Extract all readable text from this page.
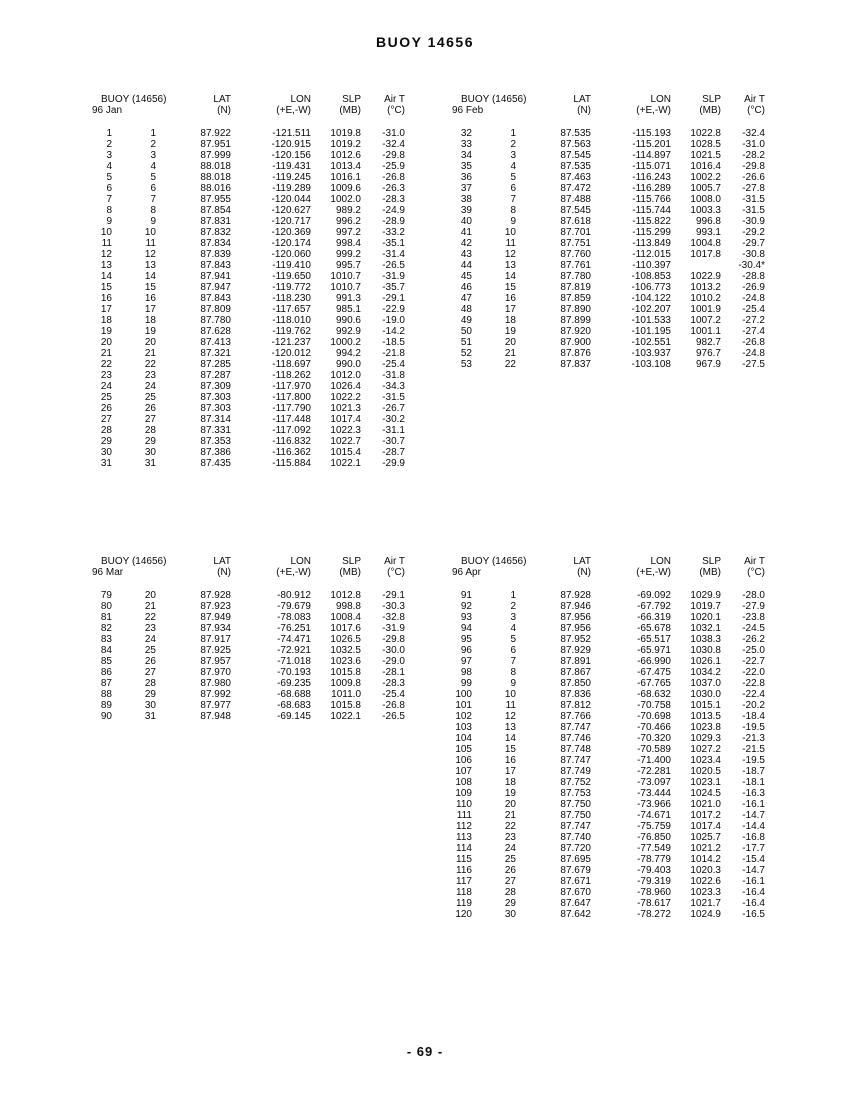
BUOY 14656
BUOY (14656)		LAT	LON	SLP	Air T
96 Jan		(N)	(+E,-W)	(MB)	(°C)
1	1	87.922	-121.511	1019.8	-31.0
2	2	87.951	-120.915	1019.2	-32.4
3	3	87.999	-120.156	1012.6	-29.8
4	4	88.018	-119.431	1013.4	-25.9
5	5	88.018	-119.245	1016.1	-26.8
6	6	88.016	-119.289	1009.6	-26.3
7	7	87.955	-120.044	1002.0	-28.3
8	8	87.854	-120.627	989.2	-24.9
9	9	87.831	-120.717	996.2	-28.9
10	10	87.832	-120.369	997.2	-33.2
11	11	87.834	-120.174	998.4	-35.1
12	12	87.839	-120.060	999.2	-31.4
13	13	87.843	-119.410	995.7	-26.5
14	14	87.941	-119.650	1010.7	-31.9
15	15	87.947	-119.772	1010.7	-35.7
16	16	87.843	-118.230	991.3	-29.1
17	17	87.809	-117.657	985.1	-22.9
18	18	87.780	-118.010	990.6	-19.0
19	19	87.628	-119.762	992.9	-14.2
20	20	87.413	-121.237	1000.2	-18.5
21	21	87.321	-120.012	994.2	-21.8
22	22	87.285	-118.697	990.0	-25.4
23	23	87.287	-118.262	1012.0	-31.8
24	24	87.309	-117.970	1026.4	-34.3
25	25	87.303	-117.800	1022.2	-31.5
26	26	87.303	-117.790	1021.3	-26.7
27	27	87.314	-117.448	1017.4	-30.2
28	28	87.331	-117.092	1022.3	-31.1
29	29	87.353	-116.832	1022.7	-30.7
30	30	87.386	-116.362	1015.4	-28.7
31	31	87.435	-115.884	1022.1	-29.9
BUOY (14656)		LAT	LON	SLP	Air T
96 Feb		(N)	(+E,-W)	(MB)	(°C)
32	1	87.535	-115.193	1022.8	-32.4
33	2	87.563	-115.201	1028.5	-31.0
34	3	87.545	-114.897	1021.5	-28.2
35	4	87.535	-115.071	1016.4	-29.8
36	5	87.463	-116.243	1002.2	-26.6
37	6	87.472	-116.289	1005.7	-27.8
38	7	87.488	-115.766	1008.0	-31.5
39	8	87.545	-115.744	1003.3	-31.5
40	9	87.618	-115.822	996.8	-30.9
41	10	87.701	-115.299	993.1	-29.2
42	11	87.751	-113.849	1004.8	-29.7
43	12	87.760	-112.015	1017.8	-30.8
44	13	87.761	-110.397		-30.4*
45	14	87.780	-108.853	1022.9	-28.8
46	15	87.819	-106.773	1013.2	-26.9
47	16	87.859	-104.122	1010.2	-24.8
48	17	87.890	-102.207	1001.9	-25.4
49	18	87.899	-101.533	1007.2	-27.2
50	19	87.920	-101.195	1001.1	-27.4
51	20	87.900	-102.551	982.7	-26.8
52	21	87.876	-103.937	976.7	-24.8
53	22	87.837	-103.108	967.9	-27.5
BUOY (14656)		LAT	LON	SLP	Air T
96 Mar		(N)	(+E,-W)	(MB)	(°C)
79	20	87.928	-80.912	1012.8	-29.1
80	21	87.923	-79.679	998.8	-30.3
81	22	87.949	-78.083	1008.4	-32.8
82	23	87.934	-76.251	1017.6	-31.9
83	24	87.917	-74.471	1026.5	-29.8
84	25	87.925	-72.921	1032.5	-30.0
85	26	87.957	-71.018	1023.6	-29.0
86	27	87.970	-70.193	1015.8	-28.1
87	28	87.980	-69.235	1009.8	-28.3
88	29	87.992	-68.688	1011.0	-25.4
89	30	87.977	-68.683	1015.8	-26.8
90	31	87.948	-69.145	1022.1	-26.5
BUOY (14656)		LAT	LON	SLP	Air T
96 Apr		(N)	(+E,-W)	(MB)	(°C)
91	1	87.928	-69.092	1029.9	-28.0
92	2	87.946	-67.792	1019.7	-27.9
93	3	87.956	-66.319	1020.1	-23.8
94	4	87.956	-65.678	1032.1	-24.5
95	5	87.952	-65.517	1038.3	-26.2
96	6	87.929	-65.971	1030.8	-25.0
97	7	87.891	-66.990	1026.1	-22.7
98	8	87.867	-67.475	1034.2	-22.0
99	9	87.850	-67.765	1037.0	-22.8
100	10	87.836	-68.632	1030.0	-22.4
101	11	87.812	-70.758	1015.1	-20.2
102	12	87.766	-70.698	1013.5	-18.4
103	13	87.747	-70.466	1023.8	-19.5
104	14	87.746	-70.320	1029.3	-21.3
105	15	87.748	-70.589	1027.2	-21.5
106	16	87.747	-71.400	1023.4	-19.5
107	17	87.749	-72.281	1020.5	-18.7
108	18	87.752	-73.097	1023.1	-18.1
109	19	87.753	-73.444	1024.5	-16.3
110	20	87.750	-73.966	1021.0	-16.1
111	21	87.750	-74.671	1017.2	-14.7
112	22	87.747	-75.759	1017.4	-14.4
113	23	87.740	-76.850	1025.7	-16.8
114	24	87.720	-77.549	1021.2	-17.7
115	25	87.695	-78.779	1014.2	-15.4
116	26	87.679	-79.403	1020.3	-14.7
117	27	87.671	-79.319	1022.6	-16.1
118	28	87.670	-78.960	1023.3	-16.4
119	29	87.647	-78.617	1021.7	-16.4
120	30	87.642	-78.272	1024.9	-16.5
- 69 -
